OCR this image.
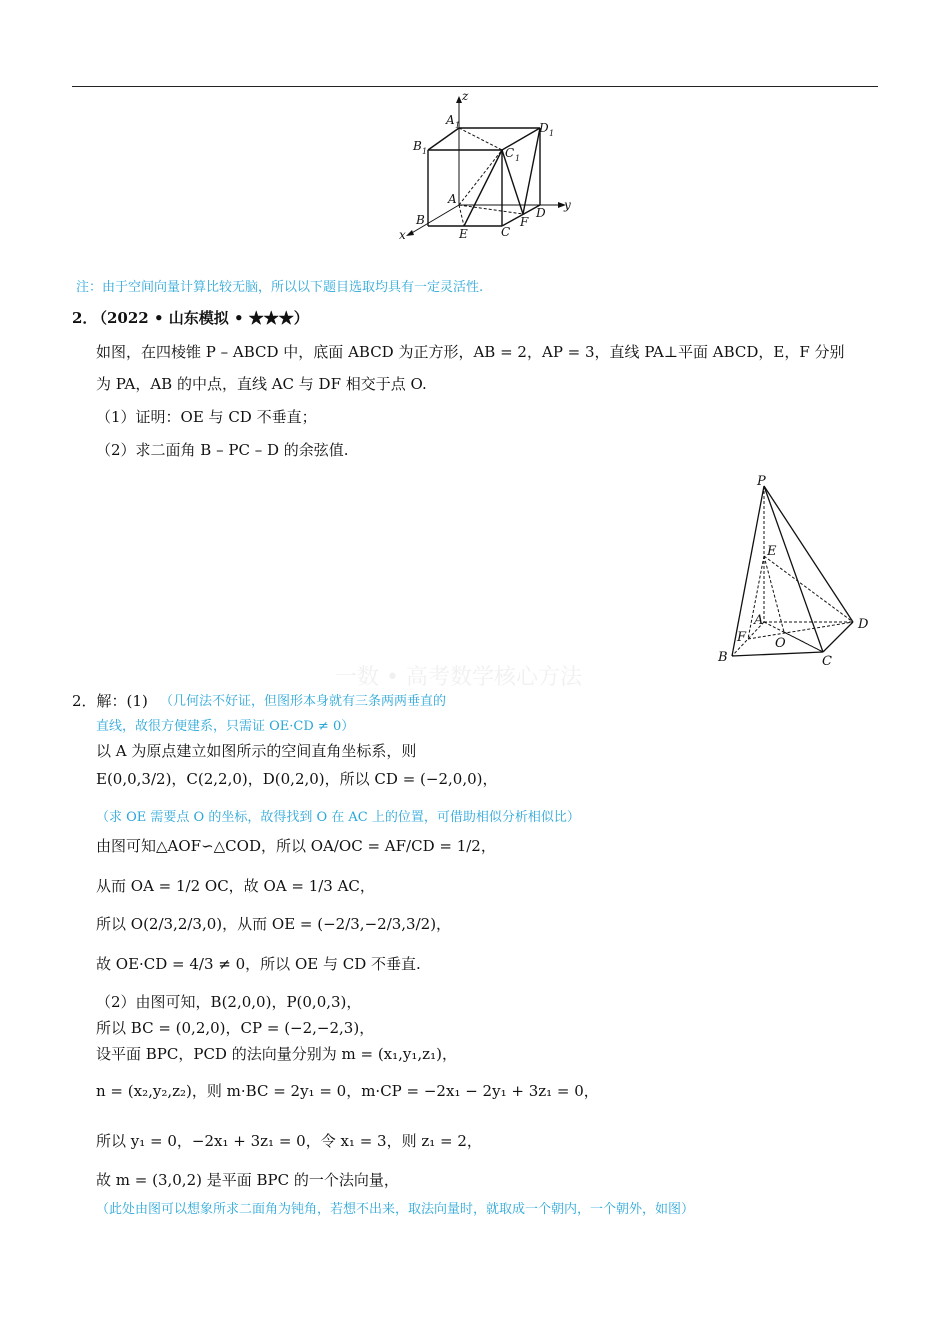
z
A 1	D 1
B 1	C 1
A
B
E	C
F
D
x
y
注：由于空间向量计算比较无脑，所以以下题目选取均具有一定灵活性.
2．
（2022 • 山东模拟 • ★★★）
如图，在四棱锥 P – ABCD 中，底面 ABCD 为正方形，AB = 2，AP = 3，直线 PA⊥平面 ABCD，E，F 分别
为 PA，AB 的中点，直线 AC 与 DF 相交于点 O.
（1）证明：OE 与 CD 不垂直；
（2）求二面角 B – PC – D 的余弦值.
P
E
A
F O
B	C
D
一数 • 高考数学核心方法
2．解：(1) （几何法不好证，但图形本身就有三条两两垂直的
直线，故很方便建系，只需证 OE·CD ≠ 0）
以 A 为原点建立如图所示的空间直角坐标系，则
E(0,0,3/2)，C(2,2,0)，D(0,2,0)，所以 CD = (−2,0,0)，
（求 OE 需要点 O 的坐标，故得找到 O 在 AC 上的位置，可借助相似分析相似比）
由图可知△AOF∽△COD，所以 OA/OC = AF/CD = 1/2，
从而 OA = 1/2 OC，故 OA = 1/3 AC，
所以 O(2/3,2/3,0)，从而 OE = (−2/3,−2/3,3/2)，
故 OE·CD = 4/3 ≠ 0，所以 OE 与 CD 不垂直.
（2）由图可知，B(2,0,0)，P(0,0,3)，
所以 BC = (0,2,0)，CP = (−2,−2,3)，
设平面 BPC，PCD 的法向量分别为 m = (x₁,y₁,z₁)，
n = (x₂,y₂,z₂)，则 m·BC = 2y₁ = 0，m·CP = −2x₁ − 2y₁ + 3z₁ = 0，
所以 y₁ = 0，−2x₁ + 3z₁ = 0，令 x₁ = 3，则 z₁ = 2，
故 m = (3,0,2) 是平面 BPC 的一个法向量，
（此处由图可以想象所求二面角为钝角，若想不出来，取法向量时，就取成一个朝内，一个朝外，如图）
